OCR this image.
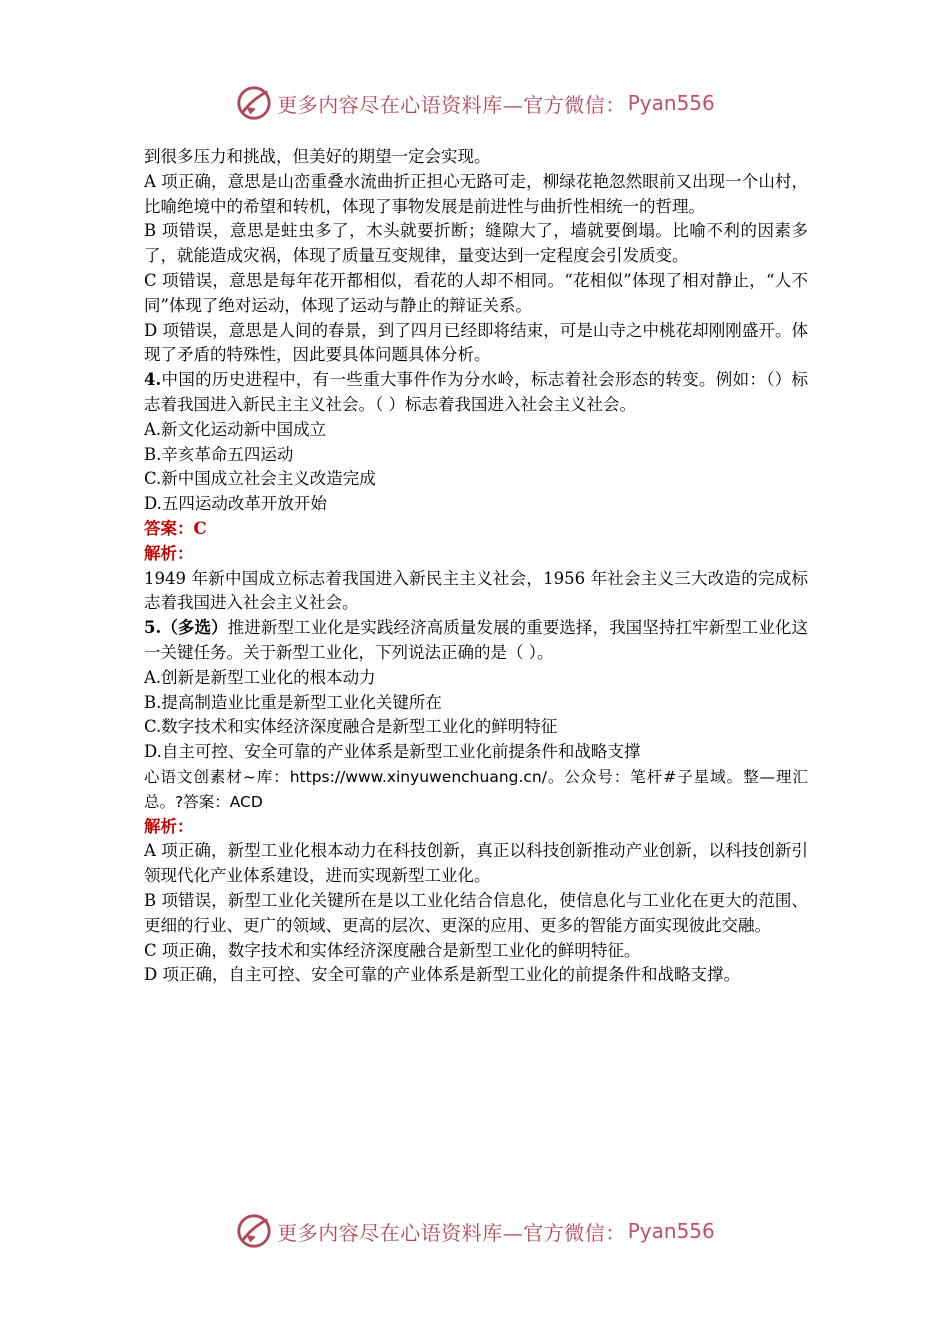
更多内容尽在心语资料库—官方微信： Pyan556

到很多压力和挑战，但美好的期望一定会实现。

A 项正确，意思是山峦重叠水流曲折正担心无路可走，柳绿花艳忽然眼前又出现一个山村，比喻绝境中的希望和转机，体现了事物发展是前进性与曲折性相统一的哲理。

B 项错误，意思是蛀虫多了，木头就要折断；缝隙大了，墙就要倒塌。比喻不利的因素多了，就能造成灾祸，体现了质量互变规律，量变达到一定程度会引发质变。

C 项错误，意思是每年花开都相似，看花的人却不相同。“花相似”体现了相对静止，“人不同”体现了绝对运动，体现了运动与静止的辩证关系。

D 项错误，意思是人间的春景，到了四月已经即将结束，可是山寺之中桃花却刚刚盛开。体现了矛盾的特殊性，因此要具体问题具体分析。

4.中国的历史进程中，有一些重大事件作为分水岭，标志着社会形态的转变。例如：（）标志着我国进入新民主主义社会。（ ）标志着我国进入社会主义社会。

A.新文化运动新中国成立

B.辛亥革命五四运动

C.新中国成立社会主义改造完成

D.五四运动改革开放开始

答案：C

解析：

1949 年新中国成立标志着我国进入新民主主义社会，1956 年社会主义三大改造的完成标志着我国进入社会主义社会。

5.（多选）推进新型工业化是实践经济高质量发展的重要选择，我国坚持扛牢新型工业化这一关键任务。关于新型工业化，下列说法正确的是（ ）。

A.创新是新型工业化的根本动力

B.提高制造业比重是新型工业化关键所在

C.数字技术和实体经济深度融合是新型工业化的鲜明特征

D.自主可控、安全可靠的产业体系是新型工业化前提条件和战略支撑

心语文创素材~库：https://www.xinyuwenchuang.cn/。公众号：笔杆#子星域。整—理汇总。?答案：ACD

解析：

A 项正确，新型工业化根本动力在科技创新，真正以科技创新推动产业创新，以科技创新引领现代化产业体系建设，进而实现新型工业化。

B 项错误，新型工业化关键所在是以工业化结合信息化，使信息化与工业化在更大的范围、更细的行业、更广的领域、更高的层次、更深的应用、更多的智能方面实现彼此交融。

C 项正确，数字技术和实体经济深度融合是新型工业化的鲜明特征。

D 项正确，自主可控、安全可靠的产业体系是新型工业化的前提条件和战略支撑。

更多内容尽在心语资料库—官方微信： Pyan556
